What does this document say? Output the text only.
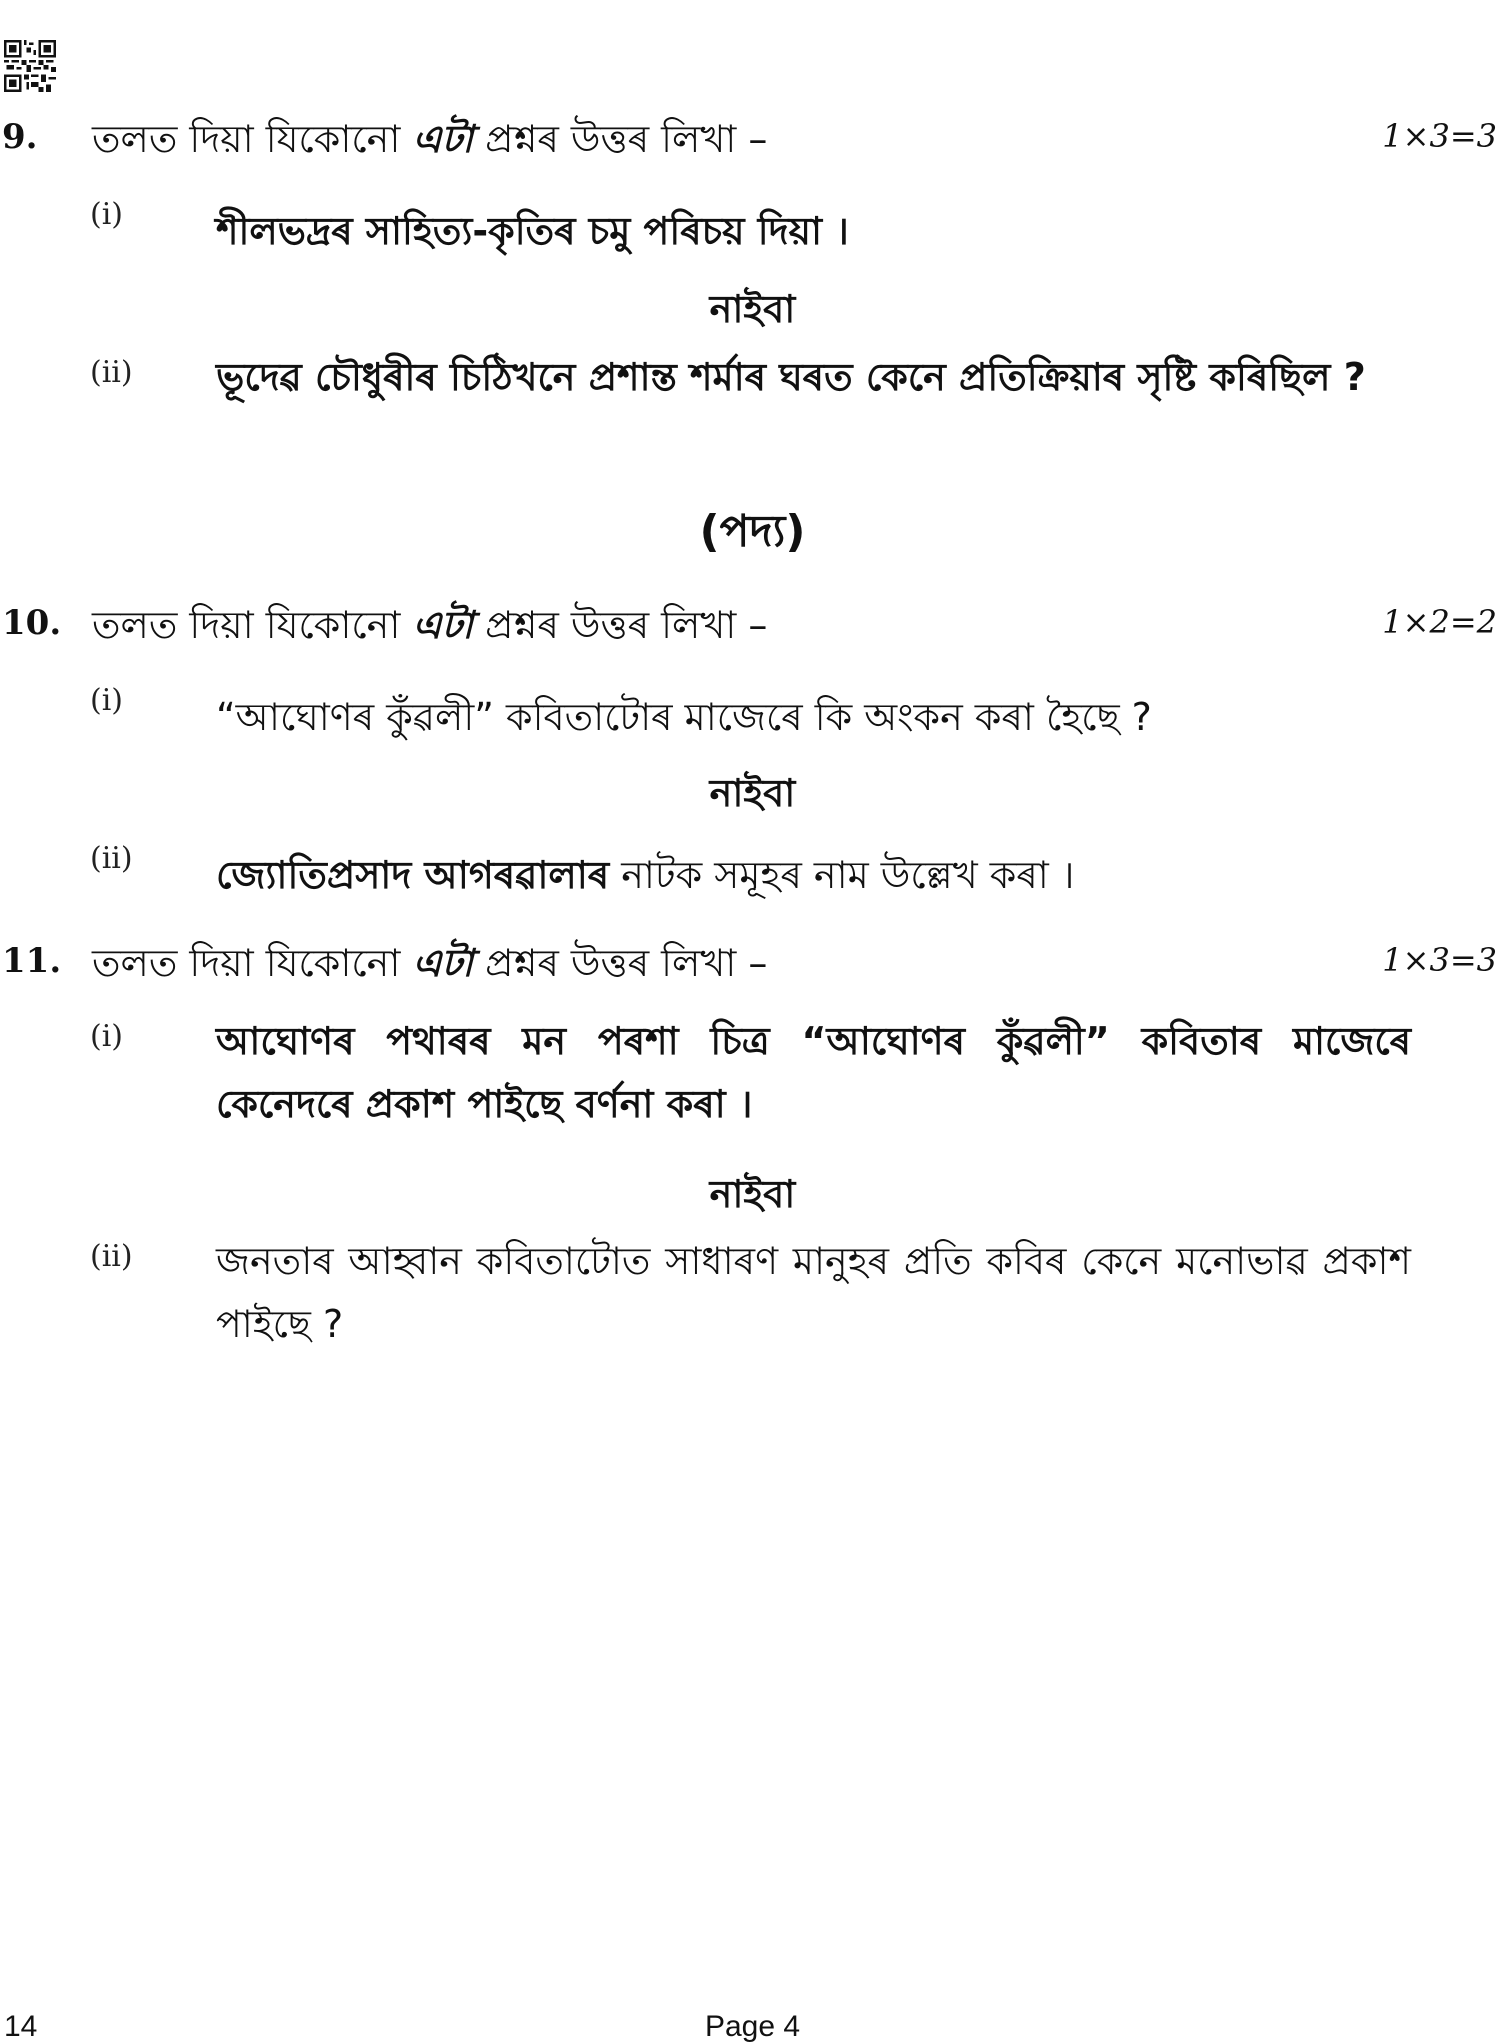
9. তলত দিয়া যিকোনো এটা প্ৰশ্নৰ উত্তৰ লিখা –	1×3=3
(i) শীলভদ্ৰৰ সাহিত্য-কৃতিৰ চমু পৰিচয় দিয়া ।
নাইবা
(ii) ভূদেৱ চৌধুৰীৰ চিঠিখনে প্ৰশান্ত শৰ্মাৰ ঘৰত কেনে প্ৰতিক্ৰিয়াৰ সৃষ্টি কৰিছিল ?
(পদ্য)
10. তলত দিয়া যিকোনো এটা প্ৰশ্নৰ উত্তৰ লিখা –	1×2=2
(i) “আঘোণৰ কুঁৱলী” কবিতাটোৰ মাজেৰে কি অংকন কৰা হৈছে ?
নাইবা
(ii) জ্যোতিপ্ৰসাদ আগৰৱালাৰ নাটক সমূহৰ নাম উল্লেখ কৰা ।
11. তলত দিয়া যিকোনো এটা প্ৰশ্নৰ উত্তৰ লিখা –	1×3=3
(i) আঘোণৰ পথাৰৰ মন পৰশা চিত্ৰ “আঘোণৰ কুঁৱলী” কবিতাৰ মাজেৰে কেনেদৰে প্ৰকাশ পাইছে বৰ্ণনা কৰা ।
নাইবা
(ii) জনতাৰ আহ্বান কবিতাটোত সাধাৰণ মানুহৰ প্ৰতি কবিৰ কেনে মনোভাৱ প্ৰকাশ পাইছে ?
14	Page 4
